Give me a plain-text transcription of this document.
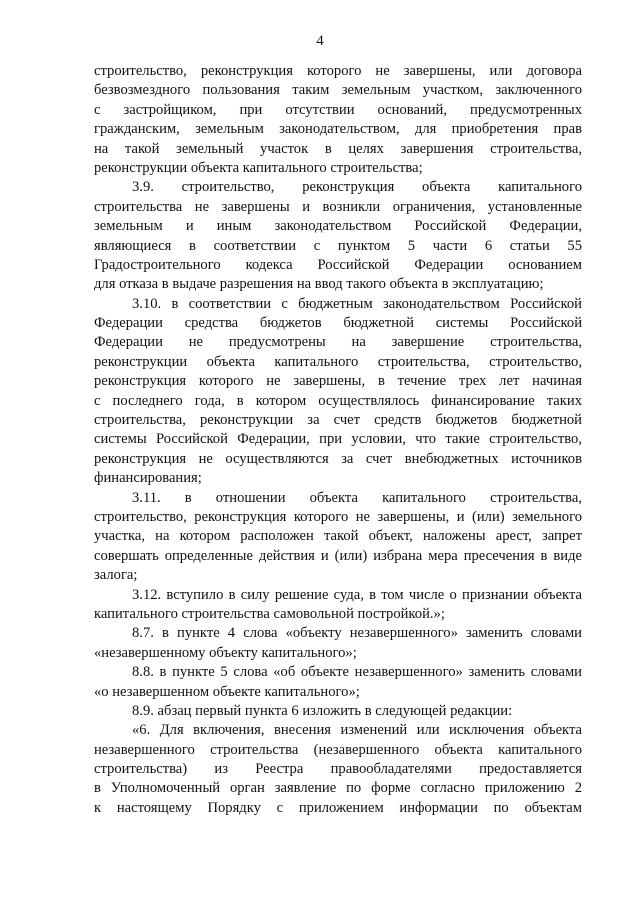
4
строительство, реконструкция которого не завершены, или договора
безвозмездного пользования таким земельным участком, заключенного
с застройщиком, при отсутствии оснований, предусмотренных
гражданским, земельным законодательством, для приобретения прав
на такой земельный участок в целях завершения строительства,
реконструкции объекта капитального строительства;
3.9. строительство, реконструкция объекта капитального
строительства не завершены и возникли ограничения, установленные
земельным и иным законодательством Российской Федерации,
являющиеся в соответствии с пунктом 5 части 6 статьи 55
Градостроительного кодекса Российской Федерации основанием
для отказа в выдаче разрешения на ввод такого объекта в эксплуатацию;
3.10. в соответствии с бюджетным законодательством Российской
Федерации средства бюджетов бюджетной системы Российской
Федерации не предусмотрены на завершение строительства,
реконструкции объекта капитального строительства, строительство,
реконструкция которого не завершены, в течение трех лет начиная
с последнего года, в котором осуществлялось финансирование таких
строительства, реконструкции за счет средств бюджетов бюджетной
системы Российской Федерации, при условии, что такие строительство,
реконструкция не осуществляются за счет внебюджетных источников
финансирования;
3.11. в отношении объекта капитального строительства,
строительство, реконструкция которого не завершены, и (или) земельного
участка, на котором расположен такой объект, наложены арест, запрет
совершать определенные действия и (или) избрана мера пресечения в виде
залога;
3.12. вступило в силу решение суда, в том числе о признании объекта
капитального строительства самовольной постройкой.»;
8.7. в пункте 4 слова «объекту незавершенного» заменить словами
«незавершенному объекту капитального»;
8.8. в пункте 5 слова «об объекте незавершенного» заменить словами
«о незавершенном объекте капитального»;
8.9. абзац первый пункта 6 изложить в следующей редакции:
«6. Для включения, внесения изменений или исключения объекта
незавершенного строительства (незавершенного объекта капитального
строительства) из Реестра правообладателями предоставляется
в Уполномоченный орган заявление по форме согласно приложению 2
к настоящему Порядку с приложением информации по объектам
